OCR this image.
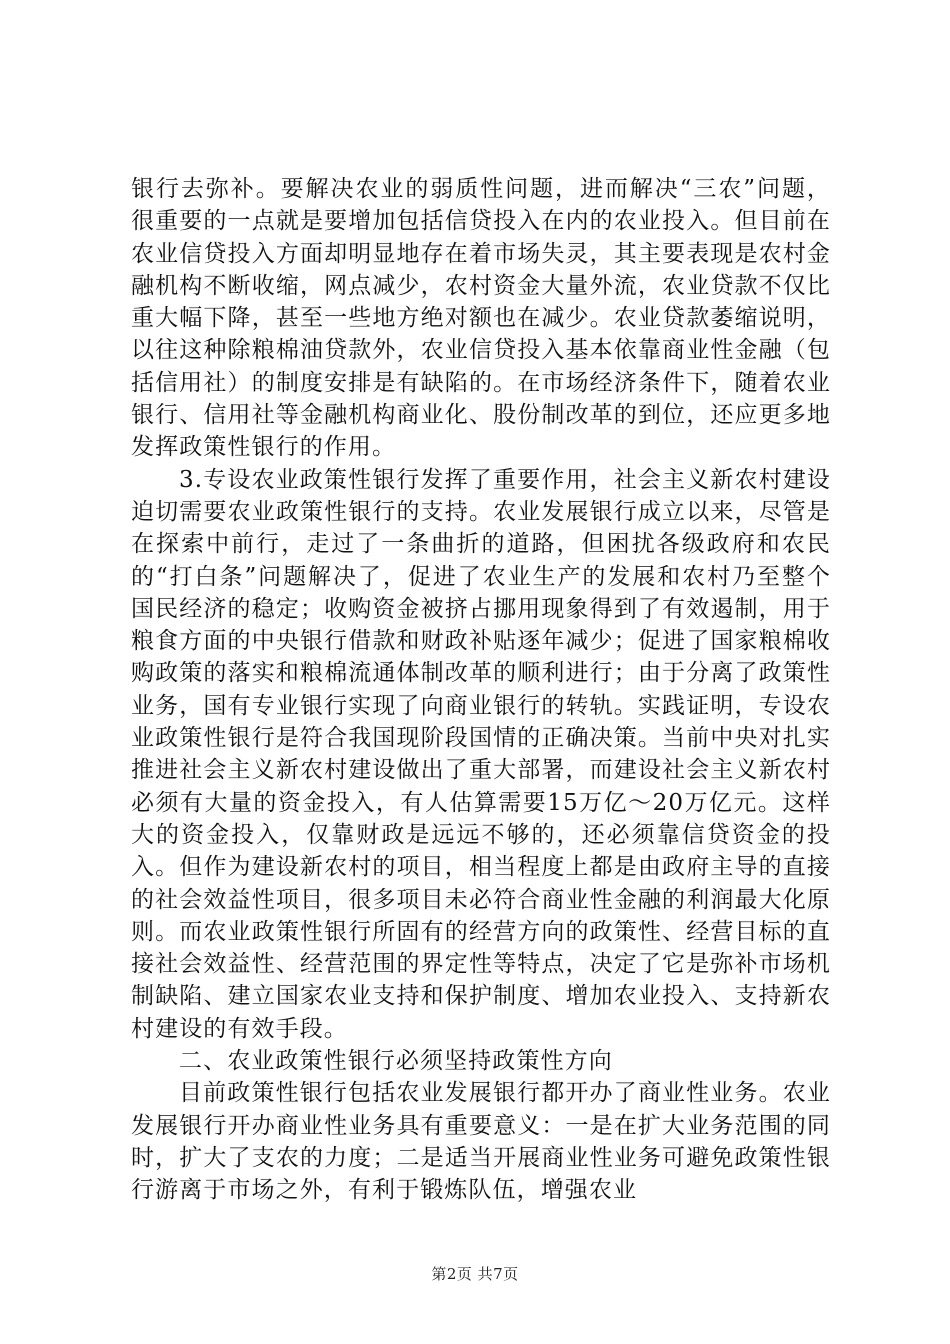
银行去弥补。要解决农业的弱质性问题，进而解决“三农”问题，很重要的一点就是要增加包括信贷投入在内的农业投入。但目前在农业信贷投入方面却明显地存在着市场失灵，其主要表现是农村金融机构不断收缩，网点减少，农村资金大量外流，农业贷款不仅比重大幅下降，甚至一些地方绝对额也在减少。农业贷款萎缩说明，以往这种除粮棉油贷款外，农业信贷投入基本依靠商业性金融（包括信用社）的制度安排是有缺陷的。在市场经济条件下，随着农业银行、信用社等金融机构商业化、股份制改革的到位，还应更多地发挥政策性银行的作用。

3.专设农业政策性银行发挥了重要作用，社会主义新农村建设迫切需要农业政策性银行的支持。农业发展银行成立以来，尽管是在探索中前行，走过了一条曲折的道路，但困扰各级政府和农民的“打白条”问题解决了，促进了农业生产的发展和农村乃至整个国民经济的稳定；收购资金被挤占挪用现象得到了有效遏制，用于粮食方面的中央银行借款和财政补贴逐年减少；促进了国家粮棉收购政策的落实和粮棉流通体制改革的顺利进行；由于分离了政策性业务，国有专业银行实现了向商业银行的转轨。实践证明，专设农业政策性银行是符合我国现阶段国情的正确决策。当前中央对扎实推进社会主义新农村建设做出了重大部署，而建设社会主义新农村必须有大量的资金投入，有人估算需要15万亿～20万亿元。这样大的资金投入，仅靠财政是远远不够的，还必须靠信贷资金的投入。但作为建设新农村的项目，相当程度上都是由政府主导的直接的社会效益性项目，很多项目未必符合商业性金融的利润最大化原则。而农业政策性银行所固有的经营方向的政策性、经营目标的直接社会效益性、经营范围的界定性等特点，决定了它是弥补市场机制缺陷、建立国家农业支持和保护制度、增加农业投入、支持新农村建设的有效手段。

二、农业政策性银行必须坚持政策性方向

目前政策性银行包括农业发展银行都开办了商业性业务。农业发展银行开办商业性业务具有重要意义：一是在扩大业务范围的同时，扩大了支农的力度；二是适当开展商业性业务可避免政策性银行游离于市场之外，有利于锻炼队伍，增强农业

第2页 共7页
